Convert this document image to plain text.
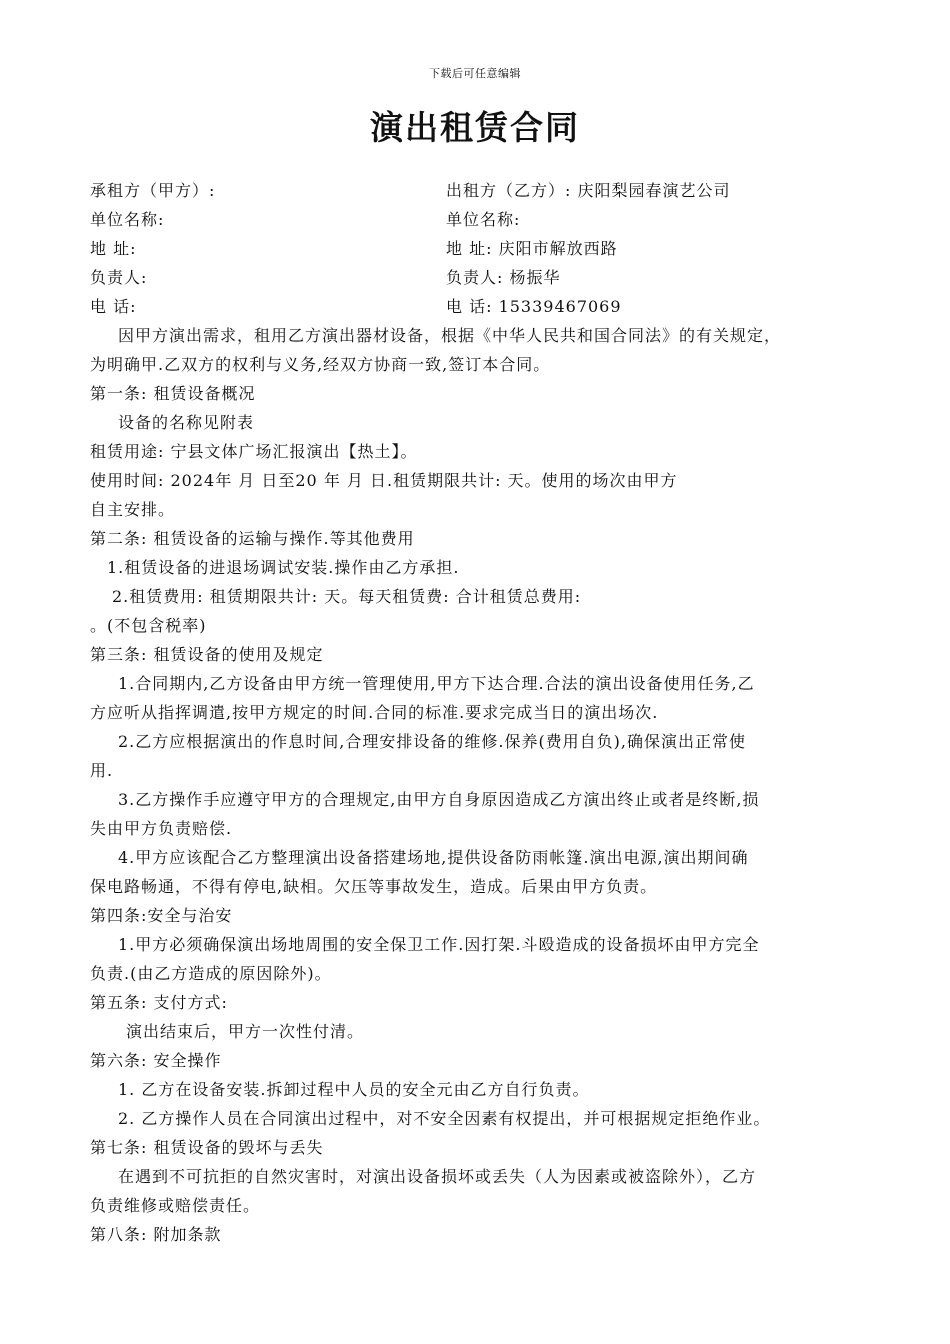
下载后可任意编辑
演出租赁合同
承租方（甲方）:	出租方（乙方）: 庆阳梨园春演艺公司
单位名称:	单位名称:
地 址:	地 址: 庆阳市解放西路
负责人:	负责人: 杨振华
电 话:	电 话: 15339467069
因甲方演出需求，租用乙方演出器材设备，根据《中华人民共和国合同法》的有关规定，
为明确甲.乙双方的权利与义务,经双方协商一致,签订本合同。
第一条: 租赁设备概况
设备的名称见附表
租赁用途: 宁县文体广场汇报演出【热土】。
使用时间: 2024年 月 日至20 年 月 日.租赁期限共计: 天。使用的场次由甲方
自主安排。
第二条: 租赁设备的运输与操作.等其他费用
1.租赁设备的进退场调试安装.操作由乙方承担.
2.租赁费用: 租赁期限共计: 天。每天租赁费: 合计租赁总费用:
。(不包含税率)
第三条: 租赁设备的使用及规定
1.合同期内,乙方设备由甲方统一管理使用,甲方下达合理.合法的演出设备使用任务,乙
方应听从指挥调遣,按甲方规定的时间.合同的标准.要求完成当日的演出场次.
2.乙方应根据演出的作息时间,合理安排设备的维修.保养(费用自负),确保演出正常使
用.
3.乙方操作手应遵守甲方的合理规定,由甲方自身原因造成乙方演出终止或者是终断,损
失由甲方负责赔偿.
4.甲方应该配合乙方整理演出设备搭建场地,提供设备防雨帐篷.演出电源,演出期间确
保电路畅通，不得有停电,缺相。欠压等事故发生，造成。后果由甲方负责。
第四条:安全与治安
1.甲方必须确保演出场地周围的安全保卫工作.因打架.斗殴造成的设备损坏由甲方完全
负责.(由乙方造成的原因除外)。
第五条: 支付方式:
演出结束后，甲方一次性付清。
第六条: 安全操作
1. 乙方在设备安装.拆卸过程中人员的安全元由乙方自行负责。
2. 乙方操作人员在合同演出过程中，对不安全因素有权提出，并可根据规定拒绝作业。
第七条: 租赁设备的毁坏与丢失
在遇到不可抗拒的自然灾害时，对演出设备损坏或丢失（人为因素或被盗除外），乙方
负责维修或赔偿责任。
第八条: 附加条款
